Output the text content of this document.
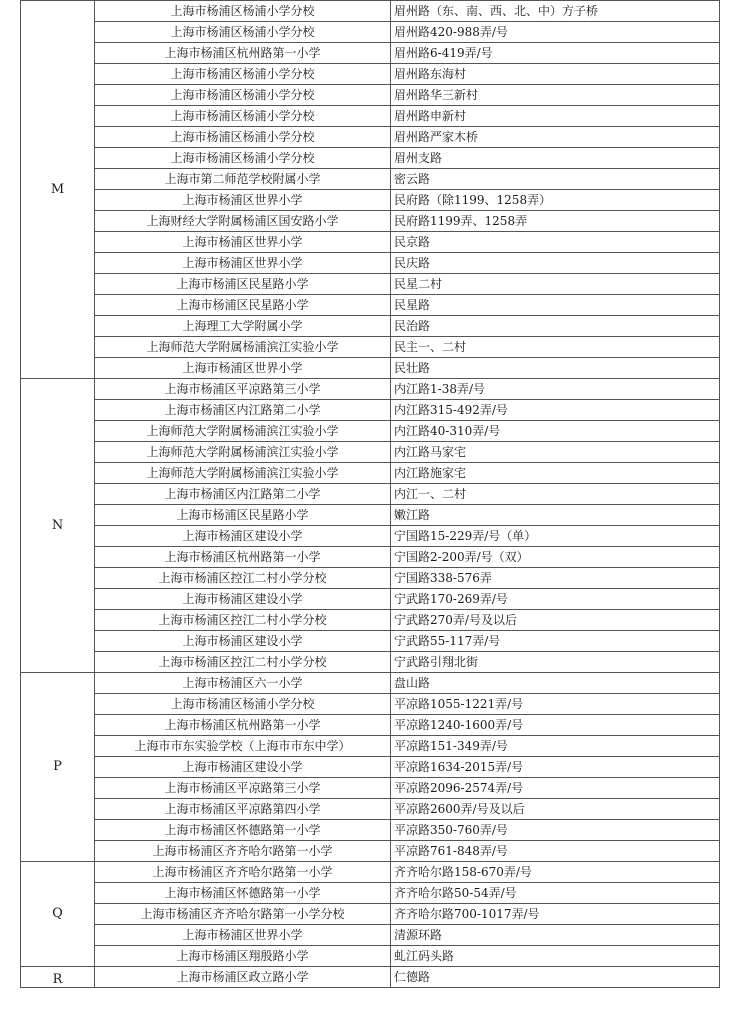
M	上海市杨浦区杨浦小学分校	眉州路（东、南、西、北、中）方子桥
	上海市杨浦区杨浦小学分校	眉州路420-988弄/号
	上海市杨浦区杭州路第一小学	眉州路6-419弄/号
	上海市杨浦区杨浦小学分校	眉州路东海村
	上海市杨浦区杨浦小学分校	眉州路华三新村
	上海市杨浦区杨浦小学分校	眉州路申新村
	上海市杨浦区杨浦小学分校	眉州路严家木桥
	上海市杨浦区杨浦小学分校	眉州支路
	上海市第二师范学校附属小学	密云路
	上海市杨浦区世界小学	民府路（除1199、1258弄）
	上海财经大学附属杨浦区国安路小学	民府路1199弄、1258弄
	上海市杨浦区世界小学	民京路
	上海市杨浦区世界小学	民庆路
	上海市杨浦区民星路小学	民星二村
	上海市杨浦区民星路小学	民星路
	上海理工大学附属小学	民治路
	上海师范大学附属杨浦滨江实验小学	民主一、二村
	上海市杨浦区世界小学	民壮路
N	上海市杨浦区平凉路第三小学	内江路1-38弄/号
	上海市杨浦区内江路第二小学	内江路315-492弄/号
	上海师范大学附属杨浦滨江实验小学	内江路40-310弄/号
	上海师范大学附属杨浦滨江实验小学	内江路马家宅
	上海师范大学附属杨浦滨江实验小学	内江路施家宅
	上海市杨浦区内江路第二小学	内江一、二村
	上海市杨浦区民星路小学	嫩江路
	上海市杨浦区建设小学	宁国路15-229弄/号（单）
	上海市杨浦区杭州路第一小学	宁国路2-200弄/号（双）
	上海市杨浦区控江二村小学分校	宁国路338-576弄
	上海市杨浦区建设小学	宁武路170-269弄/号
	上海市杨浦区控江二村小学分校	宁武路270弄/号及以后
	上海市杨浦区建设小学	宁武路55-117弄/号
	上海市杨浦区控江二村小学分校	宁武路引翔北街
P	上海市杨浦区六一小学	盘山路
	上海市杨浦区杨浦小学分校	平凉路1055-1221弄/号
	上海市杨浦区杭州路第一小学	平凉路1240-1600弄/号
	上海市市东实验学校（上海市市东中学）	平凉路151-349弄/号
	上海市杨浦区建设小学	平凉路1634-2015弄/号
	上海市杨浦区平凉路第三小学	平凉路2096-2574弄/号
	上海市杨浦区平凉路第四小学	平凉路2600弄/号及以后
	上海市杨浦区怀德路第一小学	平凉路350-760弄/号
	上海市杨浦区齐齐哈尔路第一小学	平凉路761-848弄/号
Q	上海市杨浦区齐齐哈尔路第一小学	齐齐哈尔路158-670弄/号
	上海市杨浦区怀德路第一小学	齐齐哈尔路50-54弄/号
	上海市杨浦区齐齐哈尔路第一小学分校	齐齐哈尔路700-1017弄/号
	上海市杨浦区世界小学	清源环路
	上海市杨浦区翔殷路小学	虬江码头路
R	上海市杨浦区政立路小学	仁德路
